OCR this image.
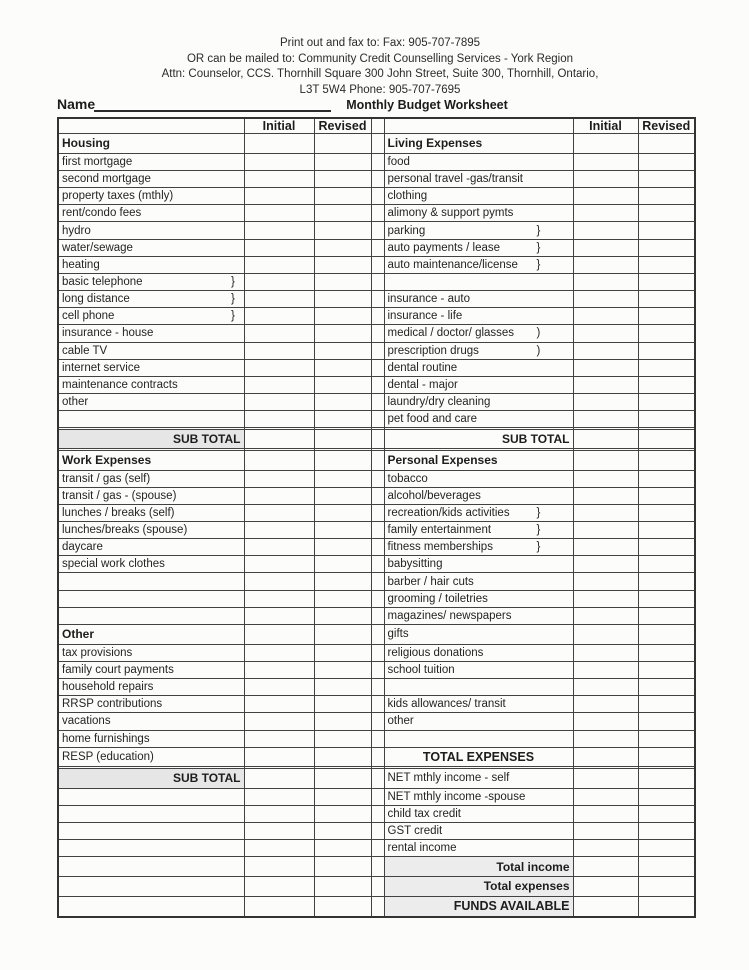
Print out and fax to: Fax: 905-707-7895
OR can be mailed to: Community Credit Counselling Services - York Region
Attn: Counselor, CCS. Thornhill Square 300 John Street, Suite 300, Thornhill, Ontario,
L3T 5W4 Phone: 905-707-7695
Name	Monthly Budget Worksheet
	Initial	Revised			Initial	Revised
Housing				Living Expenses		
first mortgage				food		
second mortgage				personal travel -gas/transit		
property taxes (mthly)				clothing		
rent/condo fees				alimony & support pymts		
hydro				parking }		

water/sewage				auto payments / lease }		

heating				auto maintenance/license }		

basic telephone }						

long distance }				insurance - auto		
cell phone }				insurance - life		
insurance - house				medical / doctor/ glasses )		

cable TV				prescription drugs )		

internet service				dental routine		
maintenance contracts				dental - major		
other				laundry/dry cleaning		
				pet food and care		

SUB TOTAL				SUB TOTAL		

Work Expenses				Personal Expenses		
transit / gas (self)				tobacco		
transit / gas - (spouse)				alcohol/beverages		
lunches / breaks (self)				recreation/kids activities }		

lunches/breaks (spouse)				family entertainment }		

daycare				fitness memberships }		

special work clothes				babysitting		
				barber / hair cuts		
				grooming / toiletries		
				magazines/ newspapers		
Other				gifts		
tax provisions				religious donations		
family court payments				school tuition		
household repairs						
RRSP contributions				kids allowances/ transit		
vacations				other		
home furnishings						
RESP (education)				TOTAL EXPENSES		

SUB TOTAL				NET mthly income - self		
				NET mthly income -spouse		
				child tax credit		
				GST credit		
				rental income		
				Total income		
				Total expenses		
				FUNDS AVAILABLE		
